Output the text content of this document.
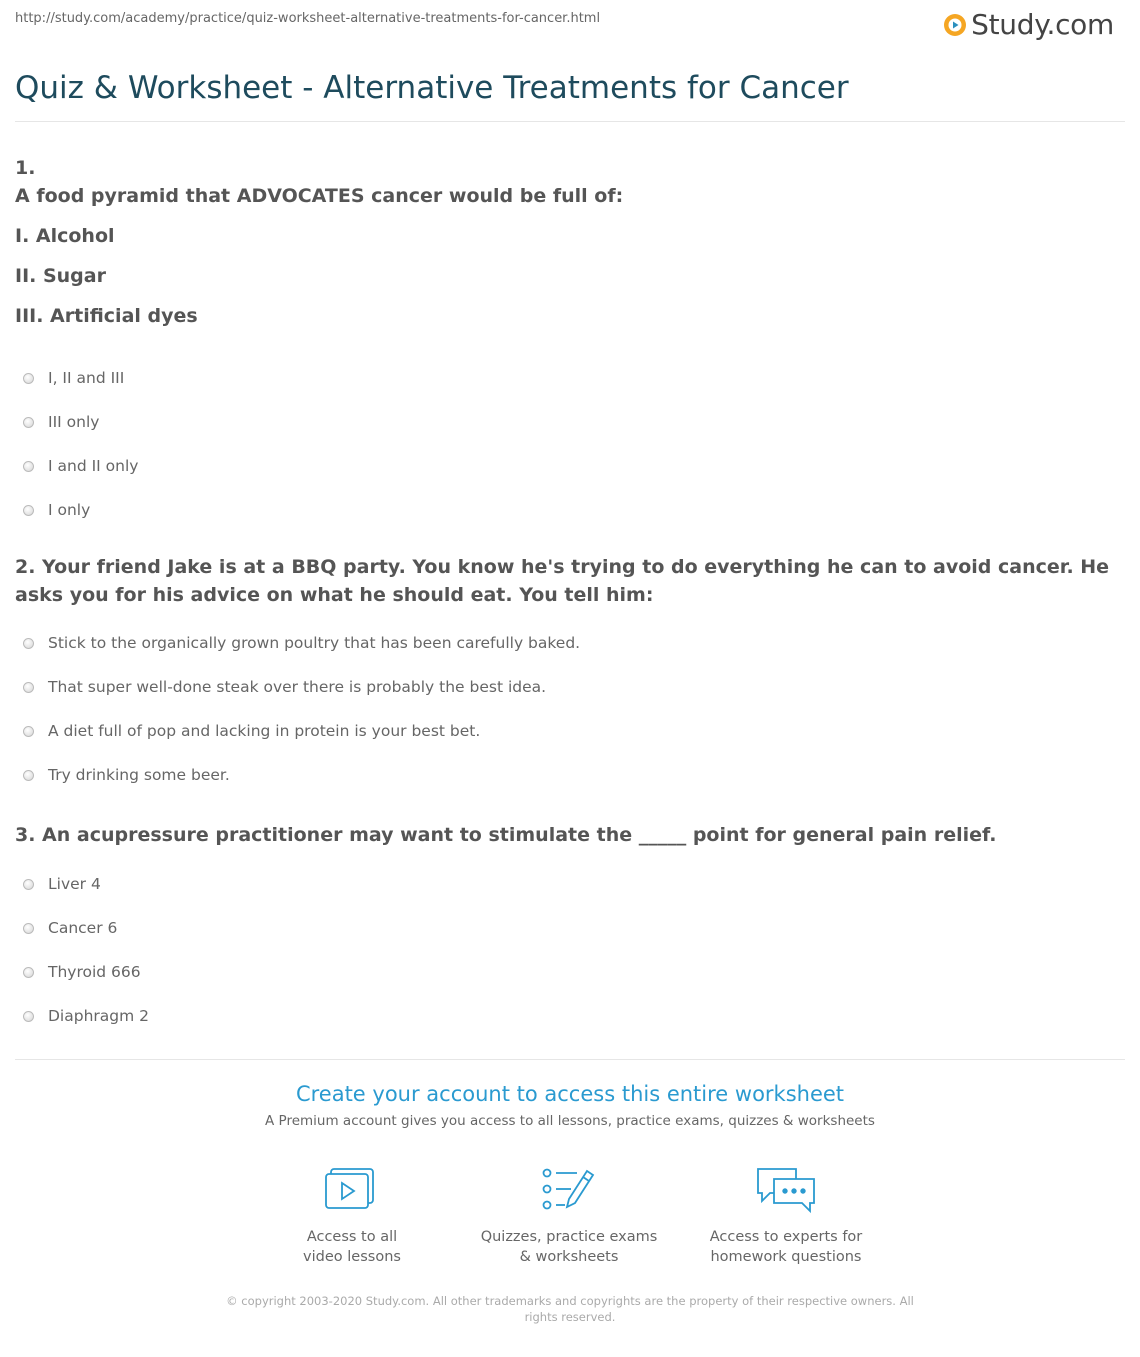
http://study.com/academy/practice/quiz-worksheet-alternative-treatments-for-cancer.html	Study.com
Quiz & Worksheet - Alternative Treatments for Cancer
1.
A food pyramid that ADVOCATES cancer would be full of:
I. Alcohol
II. Sugar
III. Artificial dyes
I, II and III
III only
I and II only
I only
2. Your friend Jake is at a BBQ party. You know he's trying to do everything he can to avoid cancer. He asks you for his advice on what he should eat. You tell him:
Stick to the organically grown poultry that has been carefully baked.
That super well-done steak over there is probably the best idea.
A diet full of pop and lacking in protein is your best bet.
Try drinking some beer.
3. An acupressure practitioner may want to stimulate the _____ point for general pain relief.
Liver 4
Cancer 6
Thyroid 666
Diaphragm 2
Create your account to access this entire worksheet
A Premium account gives you access to all lessons, practice exams, quizzes & worksheets
Access to all
video lessons
Quizzes, practice exams
& worksheets
Access to experts for
homework questions
© copyright 2003-2020 Study.com. All other trademarks and copyrights are the property of their respective owners. All rights reserved.
